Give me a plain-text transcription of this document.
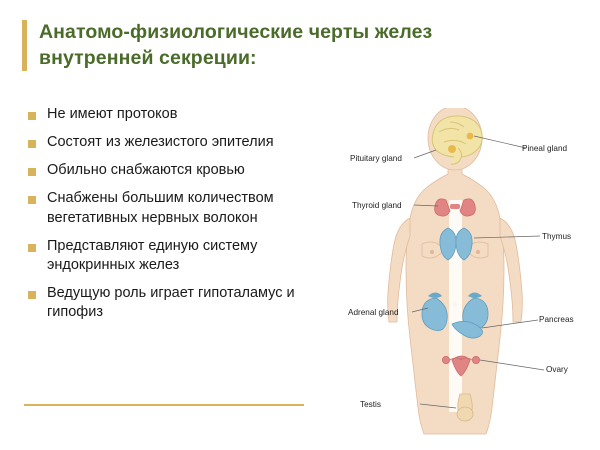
Анатомо-физиологические черты желез
внутренней секреции:
Не имеют протоков
Состоят из железистого эпителия
Обильно снабжаются кровью
Снабжены большим количеством вегетативных нервных волокон
Представляют единую систему эндокринных желез
Ведущую роль играет гипоталамус и гипофиз
Pituitary gland
Thyroid gland
Adrenal gland
Testis
Pineal gland
Thymus
Pancreas
Ovary
